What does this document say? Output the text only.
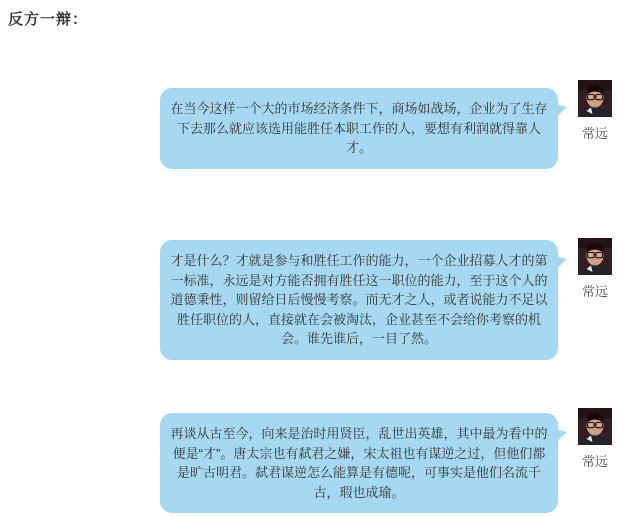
反方一辩：
在当今这样一个大的市场经济条件下，商场如战场，企业为了生存下去那么就应该选用能胜任本职工作的人，要想有利润就得靠人才。
常远
才是什么？才就是参与和胜任工作的能力，一个企业招募人才的第一标准，永远是对方能否拥有胜任这一职位的能力，至于这个人的道德秉性，则留给日后慢慢考察。而无才之人，或者说能力不足以胜任职位的人，直接就在会被淘汰，企业甚至不会给你考察的机会。谁先谁后，一目了然。
常远
再谈从古至今，向来是治时用贤臣，乱世出英雄，其中最为看中的便是“才”。唐太宗也有弑君之嫌，宋太祖也有谋逆之过，但他们都是旷古明君。弑君谋逆怎么能算是有德呢，可事实是他们名流千古，瑕也成瑜。
常远
